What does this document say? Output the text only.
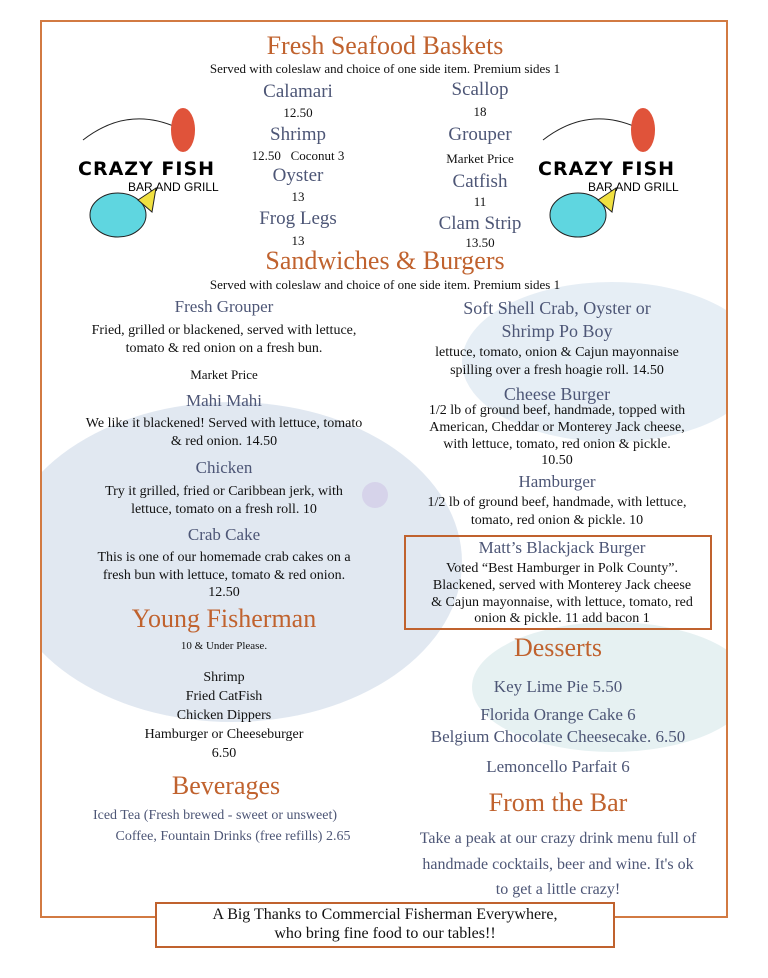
CRAZY FISH
BAR AND GRILL
CRAZY FISH
BAR AND GRILL
Fresh Seafood Baskets
Served with coleslaw and choice of one side item. Premium sides 1
Calamari
12.50
Shrimp
12.50   Coconut 3
Oyster
13
Frog Legs
13
Scallop
18
Grouper
Market Price
Catfish
11
Clam Strip
13.50
Sandwiches & Burgers
Served with coleslaw and choice of one side item. Premium sides 1
Fresh Grouper
Fried, grilled or blackened, served with lettuce,
tomato & red onion on a fresh bun.
Market Price
Mahi Mahi
We like it blackened! Served with lettuce, tomato
& red onion. 14.50
Chicken
Try it grilled, fried or Caribbean jerk, with
lettuce, tomato on a fresh roll. 10
Crab Cake
This is one of our homemade crab cakes on a
fresh bun with lettuce, tomato & red onion.
12.50
Soft Shell Crab, Oyster or
Shrimp Po Boy
lettuce, tomato, onion & Cajun mayonnaise
spilling over a fresh hoagie roll. 14.50
Cheese Burger
1/2 lb of ground beef, handmade, topped with
American, Cheddar or Monterey Jack cheese,
with lettuce, tomato, red onion & pickle.
10.50
Hamburger
1/2 lb of ground beef, handmade, with lettuce,
tomato, red onion & pickle. 10
Matt’s Blackjack Burger
Voted “Best Hamburger in Polk County”.
Blackened, served with Monterey Jack cheese
& Cajun mayonnaise, with lettuce, tomato, red
onion & pickle. 11 add bacon 1
Young Fisherman
10 & Under Please.
Shrimp
Fried CatFish
Chicken Dippers
Hamburger or Cheeseburger
6.50
Beverages
Iced Tea (Fresh brewed - sweet or unsweet)
Coffee, Fountain Drinks (free refills) 2.65
Desserts
Key Lime Pie 5.50
Florida Orange Cake 6
Belgium Chocolate Cheesecake. 6.50
Lemoncello Parfait 6
From the Bar
Take a peak at our crazy drink menu full of
handmade cocktails, beer and wine. It's ok
to get a little crazy!
A Big Thanks to Commercial Fisherman Everywhere,
who bring fine food to our tables!!
